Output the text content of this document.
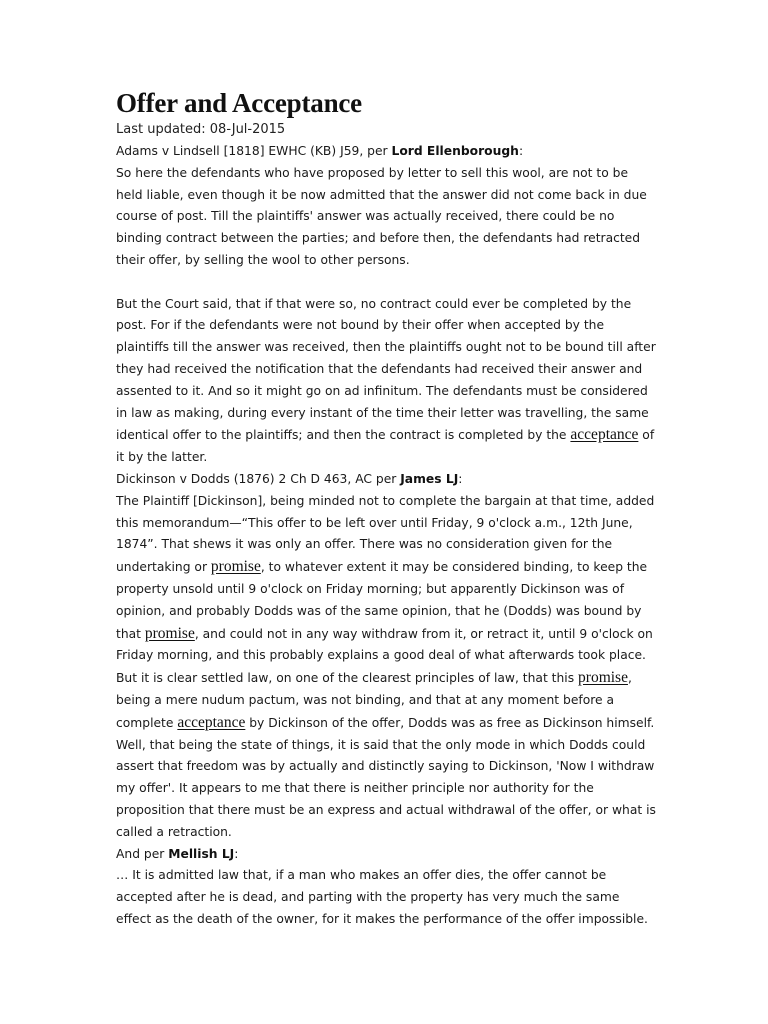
Offer and Acceptance
Last updated: 08-Jul-2015

Adams v Lindsell [1818] EWHC (KB) J59, per Lord Ellenborough:

So here the defendants who have proposed by letter to sell this wool, are not to be held liable, even though it be now admitted that the answer did not come back in due course of post. Till the plaintiffs' answer was actually received, there could be no binding contract between the parties; and before then, the defendants had retracted their offer, by selling the wool to other persons.

But the Court said, that if that were so, no contract could ever be completed by the post. For if the defendants were not bound by their offer when accepted by the plaintiffs till the answer was received, then the plaintiffs ought not to be bound till after they had received the notification that the defendants had received their answer and assented to it. And so it might go on ad infinitum. The defendants must be considered in law as making, during every instant of the time their letter was travelling, the same identical offer to the plaintiffs; and then the contract is completed by the acceptance of it by the latter.

Dickinson v Dodds (1876) 2 Ch D 463, AC per James LJ:

The Plaintiff [Dickinson], being minded not to complete the bargain at that time, added this memorandum—“This offer to be left over until Friday, 9 o'clock a.m., 12th June, 1874”. That shews it was only an offer. There was no consideration given for the undertaking or promise, to whatever extent it may be considered binding, to keep the property unsold until 9 o'clock on Friday morning; but apparently Dickinson was of opinion, and probably Dodds was of the same opinion, that he (Dodds) was bound by that promise, and could not in any way withdraw from it, or retract it, until 9 o'clock on Friday morning, and this probably explains a good deal of what afterwards took place. But it is clear settled law, on one of the clearest principles of law, that this promise, being a mere nudum pactum, was not binding, and that at any moment before a complete acceptance by Dickinson of the offer, Dodds was as free as Dickinson himself. Well, that being the state of things, it is said that the only mode in which Dodds could assert that freedom was by actually and distinctly saying to Dickinson, 'Now I withdraw my offer'. It appears to me that there is neither principle nor authority for the proposition that there must be an express and actual withdrawal of the offer, or what is called a retraction.

And per Mellish LJ:

… It is admitted law that, if a man who makes an offer dies, the offer cannot be accepted after he is dead, and parting with the property has very much the same effect as the death of the owner, for it makes the performance of the offer impossible.
